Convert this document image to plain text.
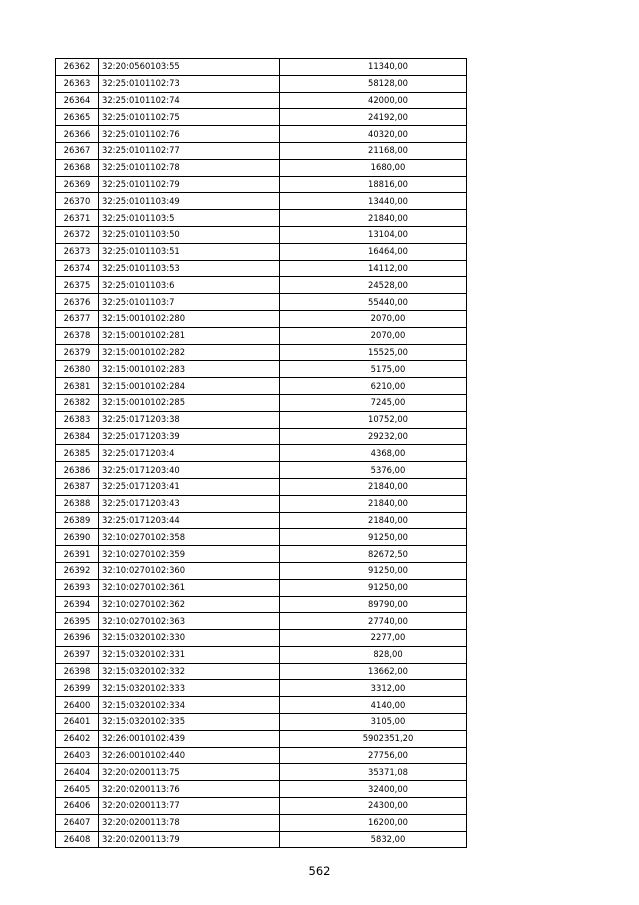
26362	32:20:0560103:55	11340,00
26363	32:25:0101102:73	58128,00
26364	32:25:0101102:74	42000,00
26365	32:25:0101102:75	24192,00
26366	32:25:0101102:76	40320,00
26367	32:25:0101102:77	21168,00
26368	32:25:0101102:78	1680,00
26369	32:25:0101102:79	18816,00
26370	32:25:0101103:49	13440,00
26371	32:25:0101103:5	21840,00
26372	32:25:0101103:50	13104,00
26373	32:25:0101103:51	16464,00
26374	32:25:0101103:53	14112,00
26375	32:25:0101103:6	24528,00
26376	32:25:0101103:7	55440,00
26377	32:15:0010102:280	2070,00
26378	32:15:0010102:281	2070,00
26379	32:15:0010102:282	15525,00
26380	32:15:0010102:283	5175,00
26381	32:15:0010102:284	6210,00
26382	32:15:0010102:285	7245,00
26383	32:25:0171203:38	10752,00
26384	32:25:0171203:39	29232,00
26385	32:25:0171203:4	4368,00
26386	32:25:0171203:40	5376,00
26387	32:25:0171203:41	21840,00
26388	32:25:0171203:43	21840,00
26389	32:25:0171203:44	21840,00
26390	32:10:0270102:358	91250,00
26391	32:10:0270102:359	82672,50
26392	32:10:0270102:360	91250,00
26393	32:10:0270102:361	91250,00
26394	32:10:0270102:362	89790,00
26395	32:10:0270102:363	27740,00
26396	32:15:0320102:330	2277,00
26397	32:15:0320102:331	828,00
26398	32:15:0320102:332	13662,00
26399	32:15:0320102:333	3312,00
26400	32:15:0320102:334	4140,00
26401	32:15:0320102:335	3105,00
26402	32:26:0010102:439	5902351,20
26403	32:26:0010102:440	27756,00
26404	32:20:0200113:75	35371,08
26405	32:20:0200113:76	32400,00
26406	32:20:0200113:77	24300,00
26407	32:20:0200113:78	16200,00
26408	32:20:0200113:79	5832,00
562
